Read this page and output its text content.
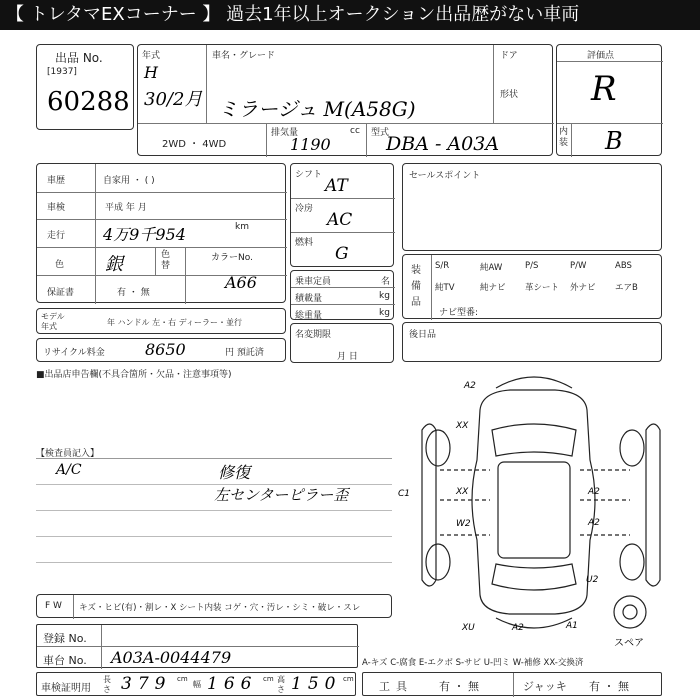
【 トレタマEXコーナー 】 過去1年以上オークション出品歴がない車両
出品 No.
[1937]
60288
年式
H
30/2月
車名・グレード
ミラージュ M(A58G)
ドア
形状
2WD ・ 4WD
排気量
1190
cc 型式
DBA - A03A
評価点
R
内装 B
車歴	自家用 ・ ( )
車検	平成 年 月
走行 4万9千954	km
色 銀	色 替
カラーNo.
A66
保証書	有 ・ 無
シフト
AT
冷房
AC
燃料
G
乗車定員	名
積載量	kg
総重量	kg
モデル年式	年 ハンドル 左・右 ディーラー・並行
リサイクル料金	8650	円 預託済
名変期限
月 日
セールスポイント
装備品
S/R	純AW	P/S	P/W	ABS
純TV	純ナビ 革シート 外ナビ エアB
ナビ型番:
後日品
■出品店申告欄(不具合箇所・欠品・注意事項等)
【検査員記入】
A/C	修復
左センターピラー歪
A2
XX
C1	XX
W2	A2
U2
A2
XU	A2	A1
スペア
F W キズ・ヒビ(有)・割レ・X シート内装 コゲ・穴・汚レ・シミ・破レ・スレ
登録 No.
車台 No. A03A-0044479	A-キズ C-腐食 E-エクボ S-サビ U-凹ミ W-補修 XX-交換済
車検証明用
長さ 379 cm
幅 166 cm 高さ 150 cm
工具 有 ・ 無	ジャッキ 有 ・ 無
